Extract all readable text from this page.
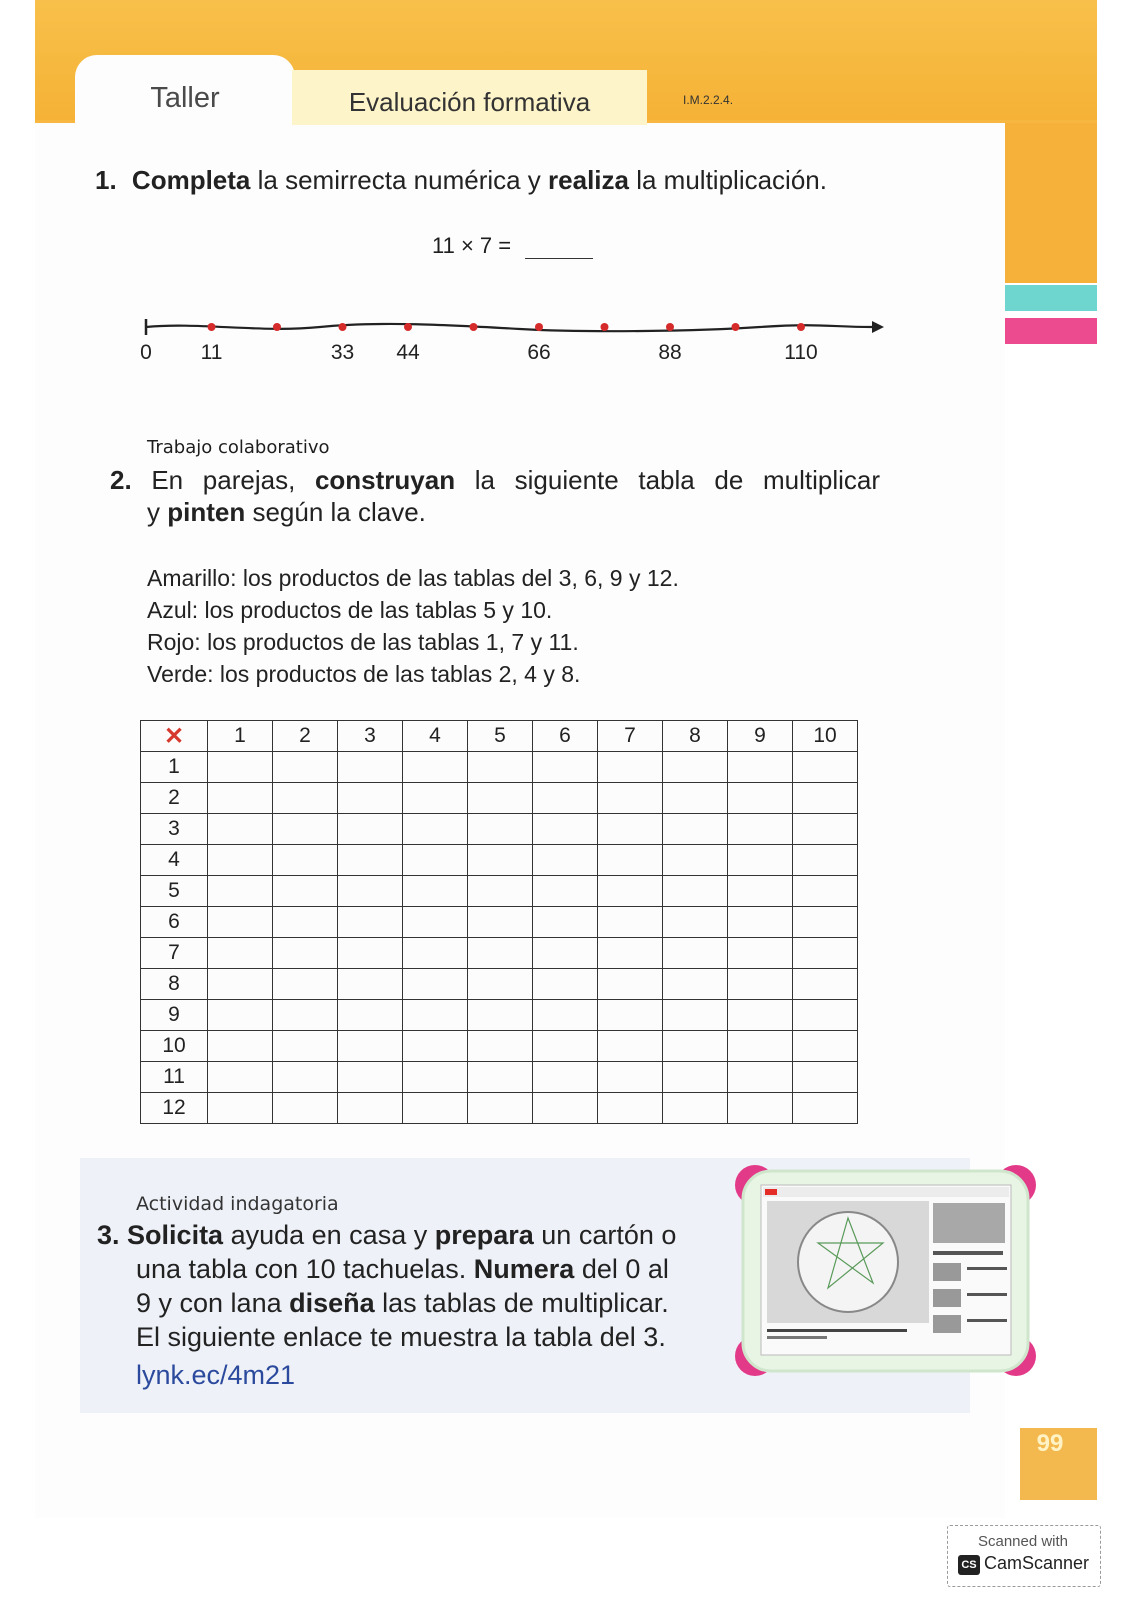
Taller	Evaluación formativa	I.M.2.2.4.
1. Completa la semirrecta numérica y realiza la multiplicación.
11 × 7 =
0 11	33 44	66	88	110
Trabajo colaborativo
2. En parejas, construyan la siguiente tabla de multiplicar
y pinten según la clave.
Amarillo: los productos de las tablas del 3, 6, 9 y 12.
Azul: los productos de las tablas 5 y 10.
Rojo: los productos de las tablas 1, 7 y 11.
Verde: los productos de las tablas 2, 4 y 8.
✕	1	2	3	4	5	6	7	8	9	10
1										
2										
3										
4										
5										
6										
7										
8										
9										
10										
11										
12										
Actividad indagatoria
3. Solicita ayuda en casa y prepara un cartón o
una tabla con 10 tachuelas. Numera del 0 al
9 y con lana diseña las tablas de multiplicar.
El siguiente enlace te muestra la tabla del 3.
lynk.ec/4m21
99
Scanned with
CS CamScanner
